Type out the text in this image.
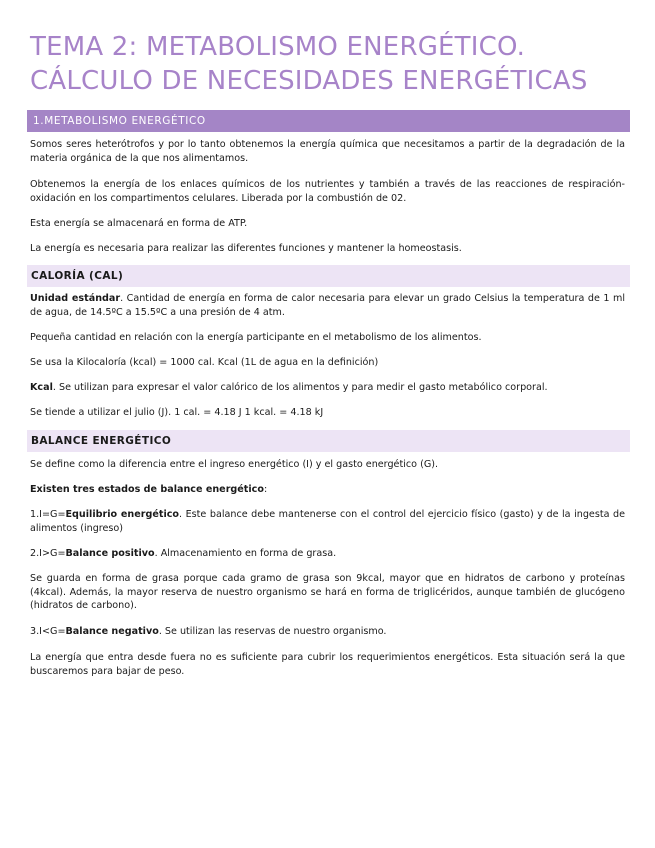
TEMA 2: METABOLISMO ENERGÉTICO.
CÁLCULO DE NECESIDADES ENERGÉTICAS
1.METABOLISMO ENERGÉTICO
Somos seres heterótrofos y por lo tanto obtenemos la energía química que necesitamos a partir de la degradación de la materia orgánica de la que nos alimentamos.
Obtenemos la energía de los enlaces químicos de los nutrientes y también a través de las reacciones de respiración-oxidación en los compartimentos celulares. Liberada por la combustión de 02.
Esta energía se almacenará en forma de ATP.
La energía es necesaria para realizar las diferentes funciones y mantener la homeostasis.
CALORÍA (CAL)
Unidad estándar. Cantidad de energía en forma de calor necesaria para elevar un grado Celsius la temperatura de 1 ml de agua, de 14.5ºC a 15.5ºC a una presión de 4 atm.
Pequeña cantidad en relación con la energía participante en el metabolismo de los alimentos.
Se usa la Kilocaloría (kcal) = 1000 cal. Kcal (1L de agua en la definición)
Kcal. Se utilizan para expresar el valor calórico de los alimentos y para medir el gasto metabólico corporal.
Se tiende a utilizar el julio (J). 1 cal. = 4.18 J 1 kcal. = 4.18 kJ
BALANCE ENERGÉTICO
Se define como la diferencia entre el ingreso energético (I) y el gasto energético (G).
Existen tres estados de balance energético:
1.I=G=Equilibrio energético. Este balance debe mantenerse con el control del ejercicio físico (gasto) y de la ingesta de alimentos (ingreso)
2.I>G=Balance positivo. Almacenamiento en forma de grasa.
Se guarda en forma de grasa porque cada gramo de grasa son 9kcal, mayor que en hidratos de carbono y proteínas (4kcal). Además, la mayor reserva de nuestro organismo se hará en forma de triglicéridos, aunque también de glucógeno (hidratos de carbono).
3.I<G=Balance negativo. Se utilizan las reservas de nuestro organismo.
La energía que entra desde fuera no es suficiente para cubrir los requerimientos energéticos. Esta situación será la que buscaremos para bajar de peso.
